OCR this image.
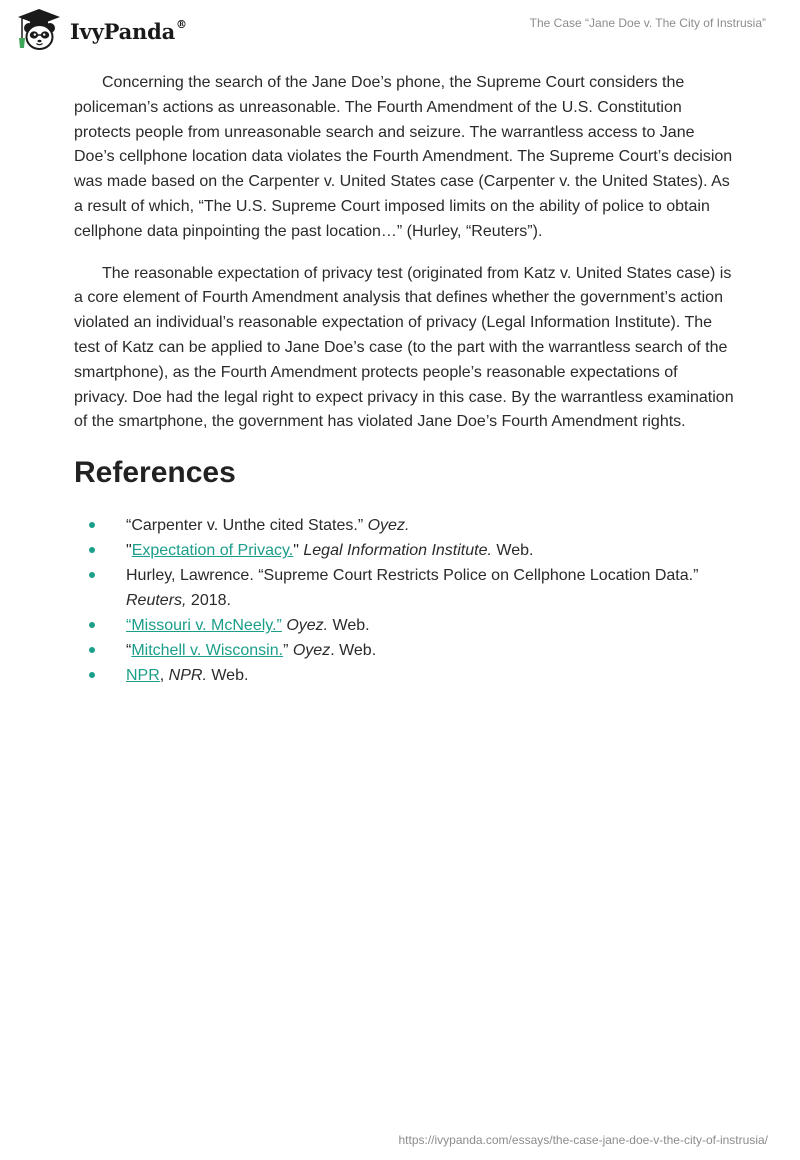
IvyPanda®	The Case “Jane Doe v. The City of Instrusia”

Concerning the search of the Jane Doe’s phone, the Supreme Court considers the policeman’s actions as unreasonable. The Fourth Amendment of the U.S. Constitution protects people from unreasonable search and seizure. The warrantless access to Jane Doe’s cellphone location data violates the Fourth Amendment. The Supreme Court’s decision was made based on the Carpenter v. United States case (Carpenter v. the United States). As a result of which, “The U.S. Supreme Court imposed limits on the ability of police to obtain cellphone data pinpointing the past location…” (Hurley, “Reuters”).

The reasonable expectation of privacy test (originated from Katz v. United States case) is a core element of Fourth Amendment analysis that defines whether the government’s action violated an individual’s reasonable expectation of privacy (Legal Information Institute). The test of Katz can be applied to Jane Doe’s case (to the part with the warrantless search of the smartphone), as the Fourth Amendment protects people’s reasonable expectations of privacy. Doe had the legal right to expect privacy in this case. By the warrantless examination of the smartphone, the government has violated Jane Doe’s Fourth Amendment rights.

References
“Carpenter v. Unthe cited States.” Oyez.
"Expectation of Privacy." Legal Information Institute. Web.
Hurley, Lawrence. “Supreme Court Restricts Police on Cellphone Location Data.” Reuters, 2018.
“Missouri v. McNeely.” Oyez. Web.
“Mitchell v. Wisconsin.” Oyez. Web.
NPR, NPR. Web.
https://ivypanda.com/essays/the-case-jane-doe-v-the-city-of-instrusia/
